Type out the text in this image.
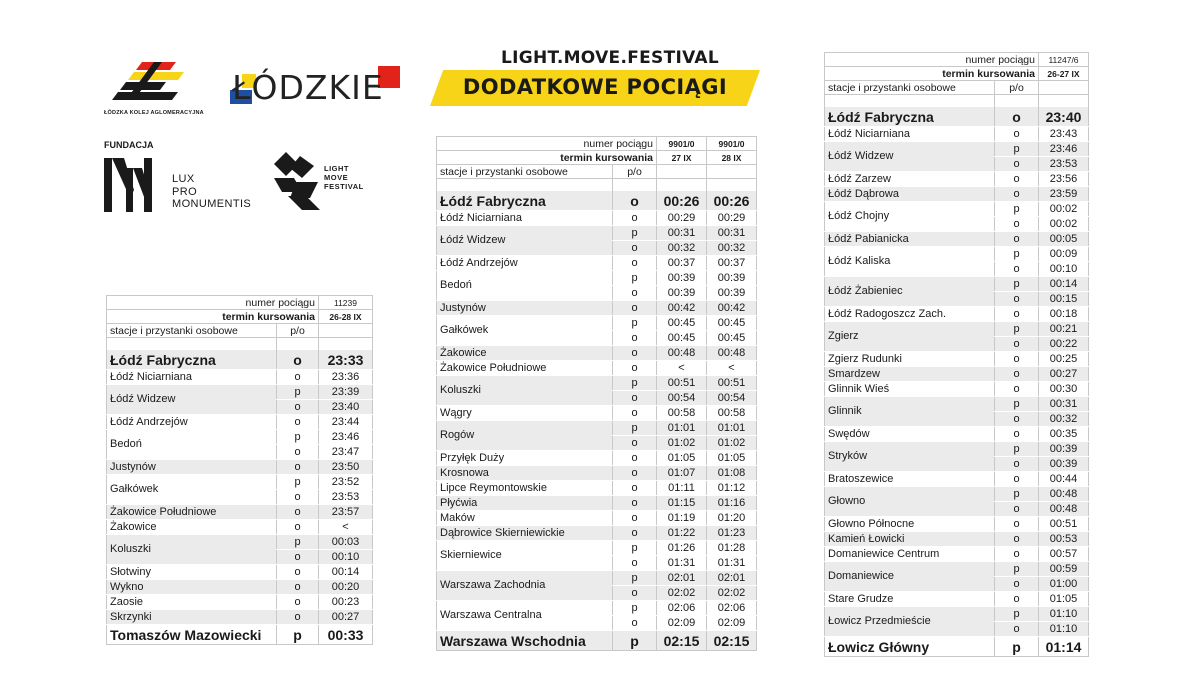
ŁÓDZKA KOLEJ AGLOMERACYJNA
ŁÓDZKIE
FUNDACJA
LUX
PRO
MONUMENTIS
LIGHT
MOVE
FESTIVAL
LIGHT.MOVE.FESTIVAL
DODATKOWE POCIĄGI
numer pociągu		11239
termin kursowania		26-28 IX
stacje i przystanki osobowe	p/o	

Łódź Fabryczna	o	23:33
Łódź Niciarniana	o	23:36
Łódź Widzew	p	23:39
	o	23:40
Łódź Andrzejów	o	23:44
Bedoń	p	23:46
	o	23:47
Justynów	o	23:50
Gałkówek	p	23:52
	o	23:53
Żakowice Południowe	o	23:57
Żakowice	o	<
Koluszki	p	00:03
	o	00:10
Słotwiny	o	00:14
Wykno	o	00:20
Zaosie	o	00:23
Skrzynki	o	00:27
Tomaszów Mazowiecki	p	00:33
numer pociągu		9901/0	9901/0
termin kursowania		27 IX	28 IX
stacje i przystanki osobowe	p/o		

Łódź Fabryczna	o	00:26	00:26
Łódź Niciarniana	o	00:29	00:29
Łódź Widzew	p	00:31	00:31
	o	00:32	00:32
Łódź Andrzejów	o	00:37	00:37
Bedoń	p	00:39	00:39
	o	00:39	00:39
Justynów	o	00:42	00:42
Gałkówek	p	00:45	00:45
	o	00:45	00:45
Żakowice	o	00:48	00:48
Żakowice Południowe	o	<	<
Koluszki	p	00:51	00:51
	o	00:54	00:54
Wągry	o	00:58	00:58
Rogów	p	01:01	01:01
	o	01:02	01:02
Przyłęk Duży	o	01:05	01:05
Krosnowa	o	01:07	01:08
Lipce Reymontowskie	o	01:11	01:12
Płyćwia	o	01:15	01:16
Maków	o	01:19	01:20
Dąbrowice Skierniewickie	o	01:22	01:23
Skierniewice	p	01:26	01:28
	o	01:31	01:31
Warszawa Zachodnia	p	02:01	02:01
	o	02:02	02:02
Warszawa Centralna	p	02:06	02:06
	o	02:09	02:09
Warszawa Wschodnia	p	02:15	02:15
numer pociągu		11247/6
termin kursowania		26-27 IX
stacje i przystanki osobowe	p/o	

Łódź Fabryczna	o	23:40
Łódź Niciarniana	o	23:43
Łódź Widzew	p	23:46
	o	23:53
Łódź Zarzew	o	23:56
Łódź Dąbrowa	o	23:59
Łódź Chojny	p	00:02
	o	00:02
Łódź Pabianicka	o	00:05
Łódź Kaliska	p	00:09
	o	00:10
Łódź Żabieniec	p	00:14
	o	00:15
Łódź Radogoszcz Zach.	o	00:18
Zgierz	p	00:21
	o	00:22
Zgierz Rudunki	o	00:25
Smardzew	o	00:27
Glinnik Wieś	o	00:30
Glinnik	p	00:31
	o	00:32
Swędów	o	00:35
Stryków	p	00:39
	o	00:39
Bratoszewice	o	00:44
Głowno	p	00:48
	o	00:48
Głowno Północne	o	00:51
Kamień Łowicki	o	00:53
Domaniewice Centrum	o	00:57
Domaniewice	p	00:59
	o	01:00
Stare Grudze	o	01:05
Łowicz Przedmieście	p	01:10
	o	01:10
Łowicz Główny	p	01:14
